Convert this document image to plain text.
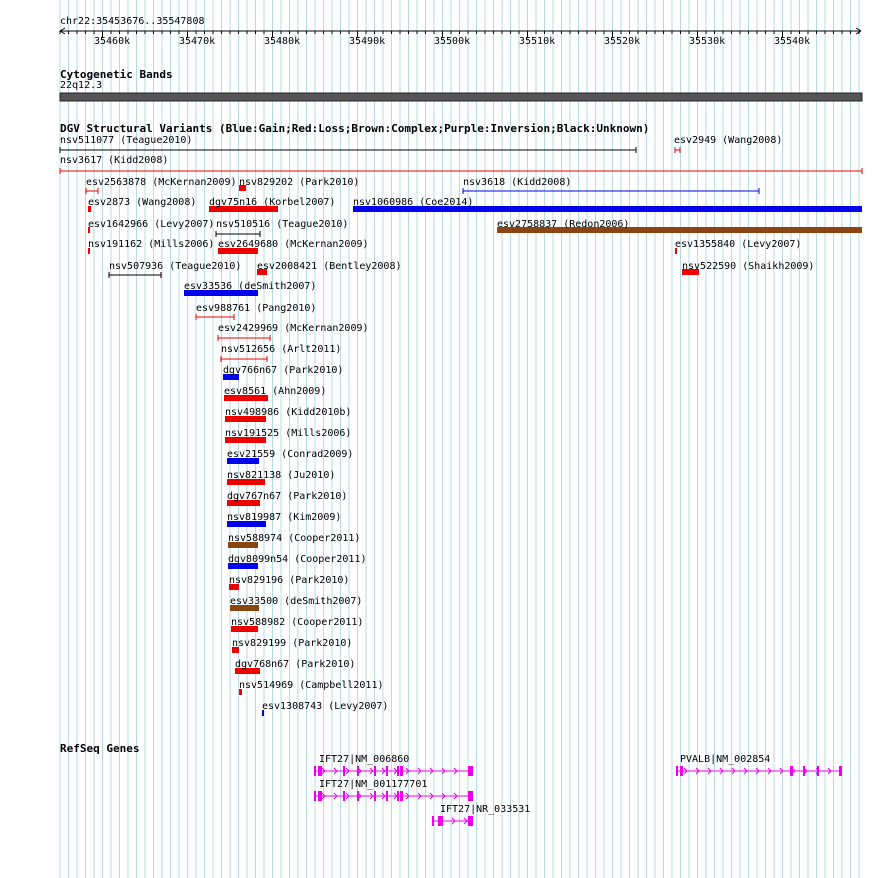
chr22:35453676..35547808
35460k	35470k	35480k	35490k	35500k	35510k	35520k	35530k	35540k
Cytogenetic Bands
22q12.3
DGV Structural Variants (Blue:Gain;Red:Loss;Brown:Complex;Purple:Inversion;Black:Unknown)
nsv511077 (Teague2010)	esv2949 (Wang2008)
nsv3617 (Kidd2008)
esv2563878 (McKernan2009) nsv829202 (Park2010)	nsv3618 (Kidd2008)
esv2873 (Wang2008) dgv75n16 (Korbel2007) nsv1060986 (Coe2014)
esv1642966 (Levy2007) nsv510516 (Teague2010)	esv2758837 (Redon2006)
nsv191162 (Mills2006) esv2649680 (McKernan2009)	esv1355840 (Levy2007)
nsv507936 (Teague2010) esv2008421 (Bentley2008)	nsv522590 (Shaikh2009)
esv33536 (deSmith2007)
esv988761 (Pang2010)
esv2429969 (McKernan2009)
nsv512656 (Arlt2011)
dgv766n67 (Park2010)
esv8561 (Ahn2009)
nsv498986 (Kidd2010b)
nsv191525 (Mills2006)
esv21559 (Conrad2009)
nsv821138 (Ju2010)
dgv767n67 (Park2010)
nsv819987 (Kim2009)
nsv588974 (Cooper2011)
dgv8099n54 (Cooper2011)
nsv829196 (Park2010)
esv33500 (deSmith2007)
nsv588982 (Cooper2011)
nsv829199 (Park2010)
dgv768n67 (Park2010)
nsv514969 (Campbell2011)
esv1308743 (Levy2007)
RefSeq Genes
IFT27|NM_006860	PVALB|NM_002854
IFT27|NM_001177701
IFT27|NR_033531
